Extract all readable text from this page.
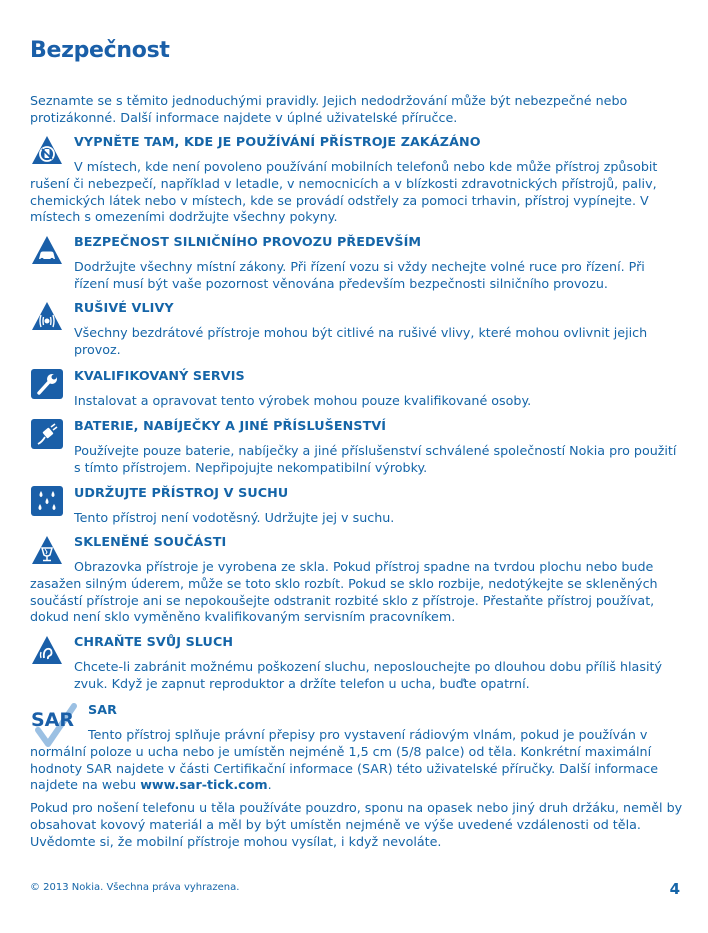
Bezpečnost

Seznamte se s těmito jednoduchými pravidly. Jejich nedodržování může být nebezpečné nebo protizákonné. Další informace najdete v úplné uživatelské příručce.

VYPNĚTE TAM, KDE JE POUŽÍVÁNÍ PŘÍSTROJE ZAKÁZÁNO

V místech, kde není povoleno používání mobilních telefonů nebo kde může přístroj způsobit rušení či nebezpečí, například v letadle, v nemocnicích a v blízkosti zdravotnických přístrojů, paliv, chemických látek nebo v místech, kde se provádí odstřely za pomoci trhavin, přístroj vypínejte. V místech s omezeními dodržujte všechny pokyny.

BEZPEČNOST SILNIČNÍHO PROVOZU PŘEDEVŠÍM

Dodržujte všechny místní zákony. Při řízení vozu si vždy nechejte volné ruce pro řízení. Při řízení musí být vaše pozornost věnována především bezpečnosti silničního provozu.

RUŠIVÉ VLIVY

Všechny bezdrátové přístroje mohou být citlivé na rušivé vlivy, které mohou ovlivnit jejich provoz.

KVALIFIKOVANÝ SERVIS

Instalovat a opravovat tento výrobek mohou pouze kvalifikované osoby.

BATERIE, NABÍJEČKY A JINÉ PŘÍSLUŠENSTVÍ

Používejte pouze baterie, nabíječky a jiné příslušenství schválené společností Nokia pro použití s tímto přístrojem. Nepřipojujte nekompatibilní výrobky.

UDRŽUJTE PŘÍSTROJ V SUCHU

Tento přístroj není vodotěsný. Udržujte jej v suchu.

SKLENĚNÉ SOUČÁSTI

Obrazovka přístroje je vyrobena ze skla. Pokud přístroj spadne na tvrdou plochu nebo bude zasažen silným úderem, může se toto sklo rozbít. Pokud se sklo rozbije, nedotýkejte se skleněných součástí přístroje ani se nepokoušejte odstranit rozbité sklo z přístroje. Přestaňte přístroj používat, dokud není sklo vyměněno kvalifikovaným servisním pracovníkem.

CHRAŇTE SVŮJ SLUCH

Chcete-li zabránit možnému poškození sluchu, neposlouchejte po dlouhou dobu příliš hlasitý zvuk. Když je zapnut reproduktor a držíte telefon u ucha, buďte opatrní.

SAR SAR

Tento přístroj splňuje právní přepisy pro vystavení rádiovým vlnám, pokud je používán v normální poloze u ucha nebo je umístěn nejméně 1,5 cm (5/8 palce) od těla. Konkrétní maximální hodnoty SAR najdete v části Certifikační informace (SAR) této uživatelské příručky. Další informace najdete na webu www.sar-tick.com.

Pokud pro nošení telefonu u těla používáte pouzdro, sponu na opasek nebo jiný druh držáku, neměl by obsahovat kovový materiál a měl by být umístěn nejméně ve výše uvedené vzdálenosti od těla. Uvědomte si, že mobilní přístroje mohou vysílat, i když nevoláte.

© 2013 Nokia. Všechna práva vyhrazena.	4
